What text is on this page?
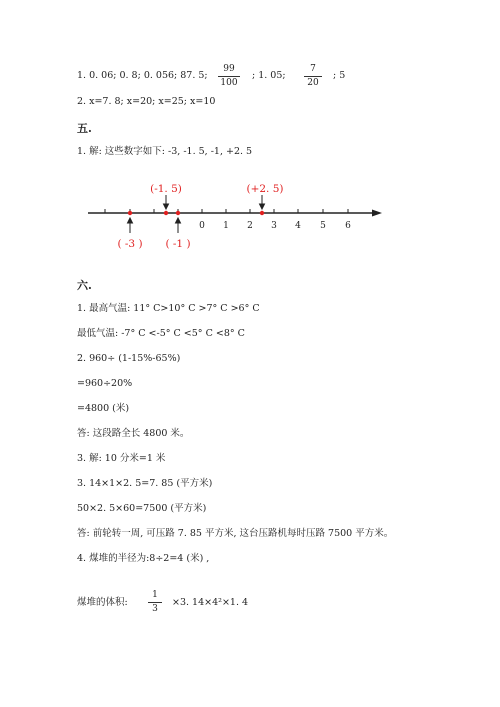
1. 0. 06; 0. 8; 0. 056; 87. 5;
99
100
; 1. 05;
7
20
; 5
2. x=7. 8; x=20; x=25; x=10
五.
1. 解: 这些数字如下: -3, -1. 5, -1, +2. 5
0 1 2 3 4 5 6
(-1. 5)	(+2. 5)
( -3 ) ( -1 )
六.
1. 最高气温: 11° C>10° C >7° C >6° C
最低气温: -7° C <-5° C <5° C <8° C
2. 960÷ (1-15%-65%)
=960÷20%
=4800 (米)
答: 这段路全长 4800 米。
3. 解: 10 分米=1 米
3. 14×1×2. 5=7. 85 (平方米)
50×2. 5×60=7500 (平方米)
答: 前轮转一周, 可压路 7. 85 平方米, 这台压路机每时压路 7500 平方米。
4. 煤堆的半径为:8÷2=4 (米) ,
煤堆的体积:
1
3
×3. 14×4²×1. 4
